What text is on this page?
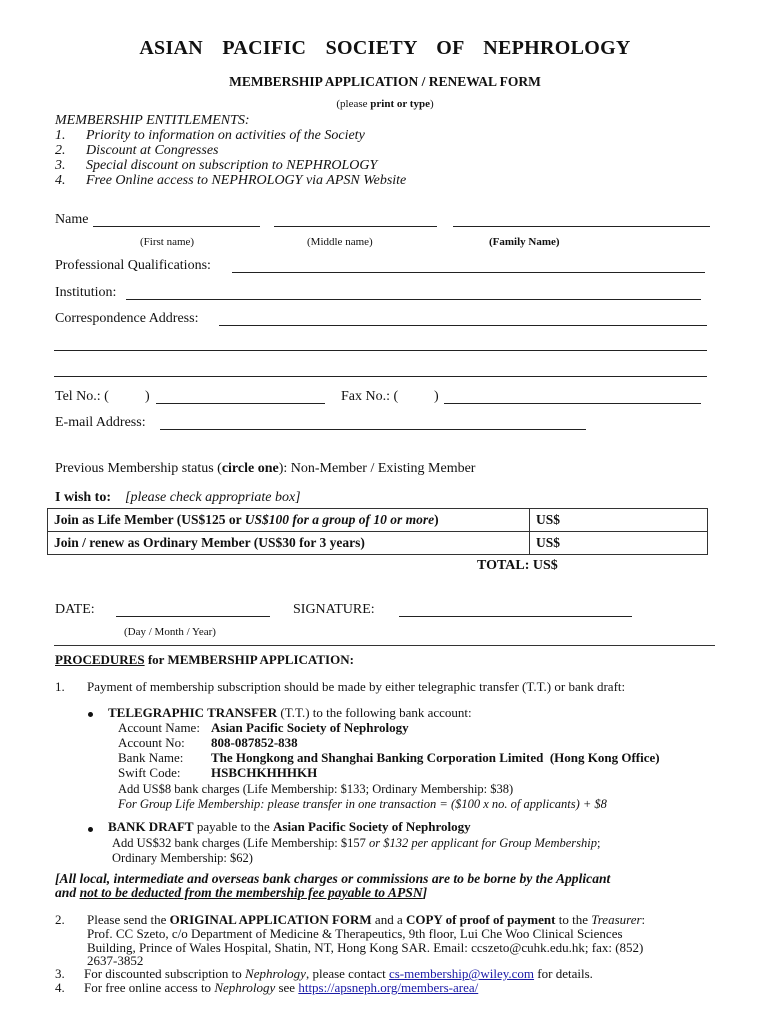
ASIAN PACIFIC SOCIETY OF NEPHROLOGY
MEMBERSHIP APPLICATION / RENEWAL FORM
(please print or type)
MEMBERSHIP ENTITLEMENTS:
1. Priority to information on activities of the Society
2. Discount at Congresses
3. Special discount on subscription to NEPHROLOGY
4. Free Online access to NEPHROLOGY via APSN Website
Name
(First name)	(Middle name)	(Family Name)
Professional Qualifications:
Institution:
Correspondence Address:
Tel No.: (	)	Fax No.: (	)
E-mail Address:
Previous Membership status (circle one): Non-Member / Existing Member
I wish to: [please check appropriate box]
Join as Life Member (US$125 or US$100 for a group of 10 or more)	US$
Join / renew as Ordinary Member (US$30 for 3 years)	US$
TOTAL: US$
DATE:	SIGNATURE:
(Day / Month / Year)
PROCEDURES for MEMBERSHIP APPLICATION:
1. Payment of membership subscription should be made by either telegraphic transfer (T.T.) or bank draft:
TELEGRAPHIC TRANSFER (T.T.) to the following bank account:
Account Name: Asian Pacific Society of Nephrology
Account No: 808-087852-838
Bank Name: The Hongkong and Shanghai Banking Corporation Limited  (Hong Kong Office)
Swift Code: HSBCHKHHHKH
Add US$8 bank charges (Life Membership: $133; Ordinary Membership: $38)
For Group Life Membership: please transfer in one transaction = ($100 x no. of applicants) + $8
BANK DRAFT payable to the Asian Pacific Society of Nephrology
Add US$32 bank charges (Life Membership: $157 or $132 per applicant for Group Membership;
Ordinary Membership: $62)
[All local, intermediate and overseas bank charges or commissions are to be borne by the Applicant
and not to be deducted from the membership fee payable to APSN]
2. Please send the ORIGINAL APPLICATION FORM and a COPY of proof of payment to the Treasurer:
Prof. CC Szeto, c/o Department of Medicine & Therapeutics, 9th floor, Lui Che Woo Clinical Sciences
Building, Prince of Wales Hospital, Shatin, NT, Hong Kong SAR. Email: ccszeto@cuhk.edu.hk; fax: (852)
2637-3852
3. For discounted subscription to Nephrology, please contact cs-membership@wiley.com for details.
4. For free online access to Nephrology see https://apsneph.org/members-area/
